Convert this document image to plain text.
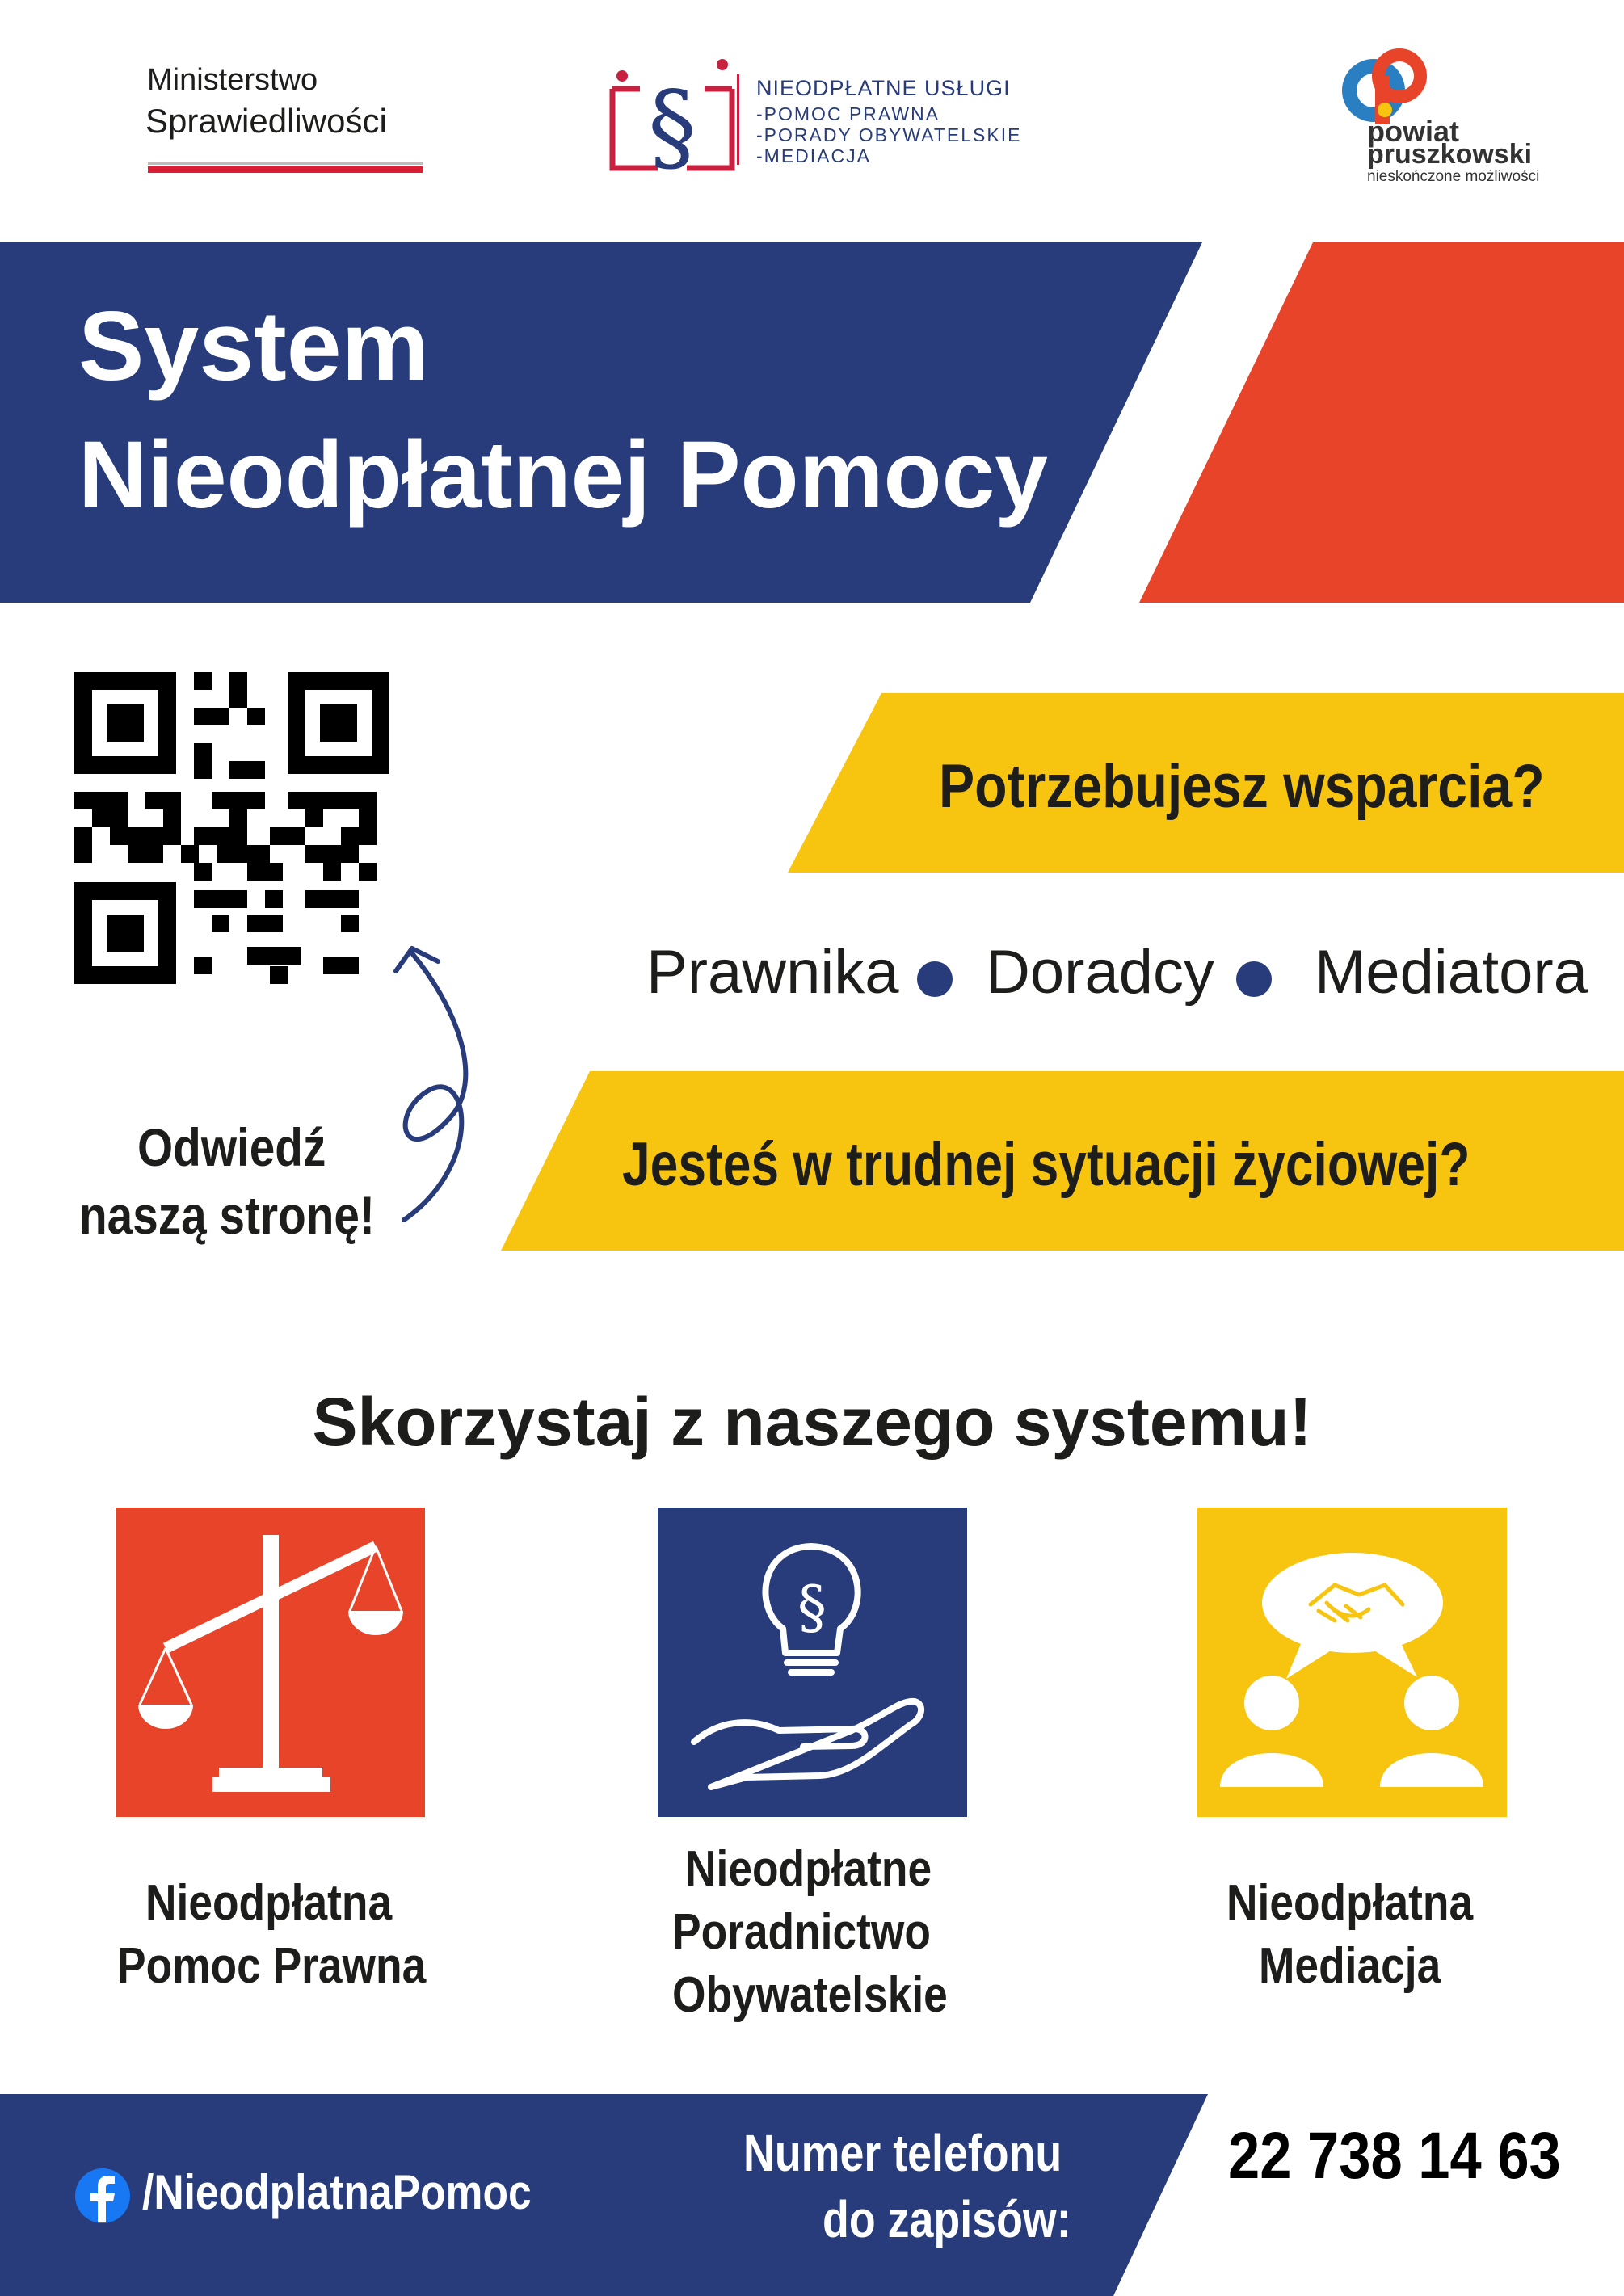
Ministerstwo
Sprawiedliwości	§	NIEODPŁATNE USŁUGI
-POMOC PRAWNA
-PORADY OBYWATELSKIE
-MEDIACJA
powiat
pruszkowski
nieskończone możliwości
System
Nieodpłatnej Pomocy
Odwiedź
naszą stronę!
Potrzebujesz wsparcia?
Prawnika Doradcy Mediatora
Jesteś w trudnej sytuacji życiowej?
Skorzystaj z naszego systemu!
§
Nieodpłatna
Pomoc Prawna
Nieodpłatne
Poradnictwo
Obywatelskie
Nieodpłatna
Mediacja
/NieodplatnaPomoc
Numer telefonu
do zapisów:
22 738 14 63
